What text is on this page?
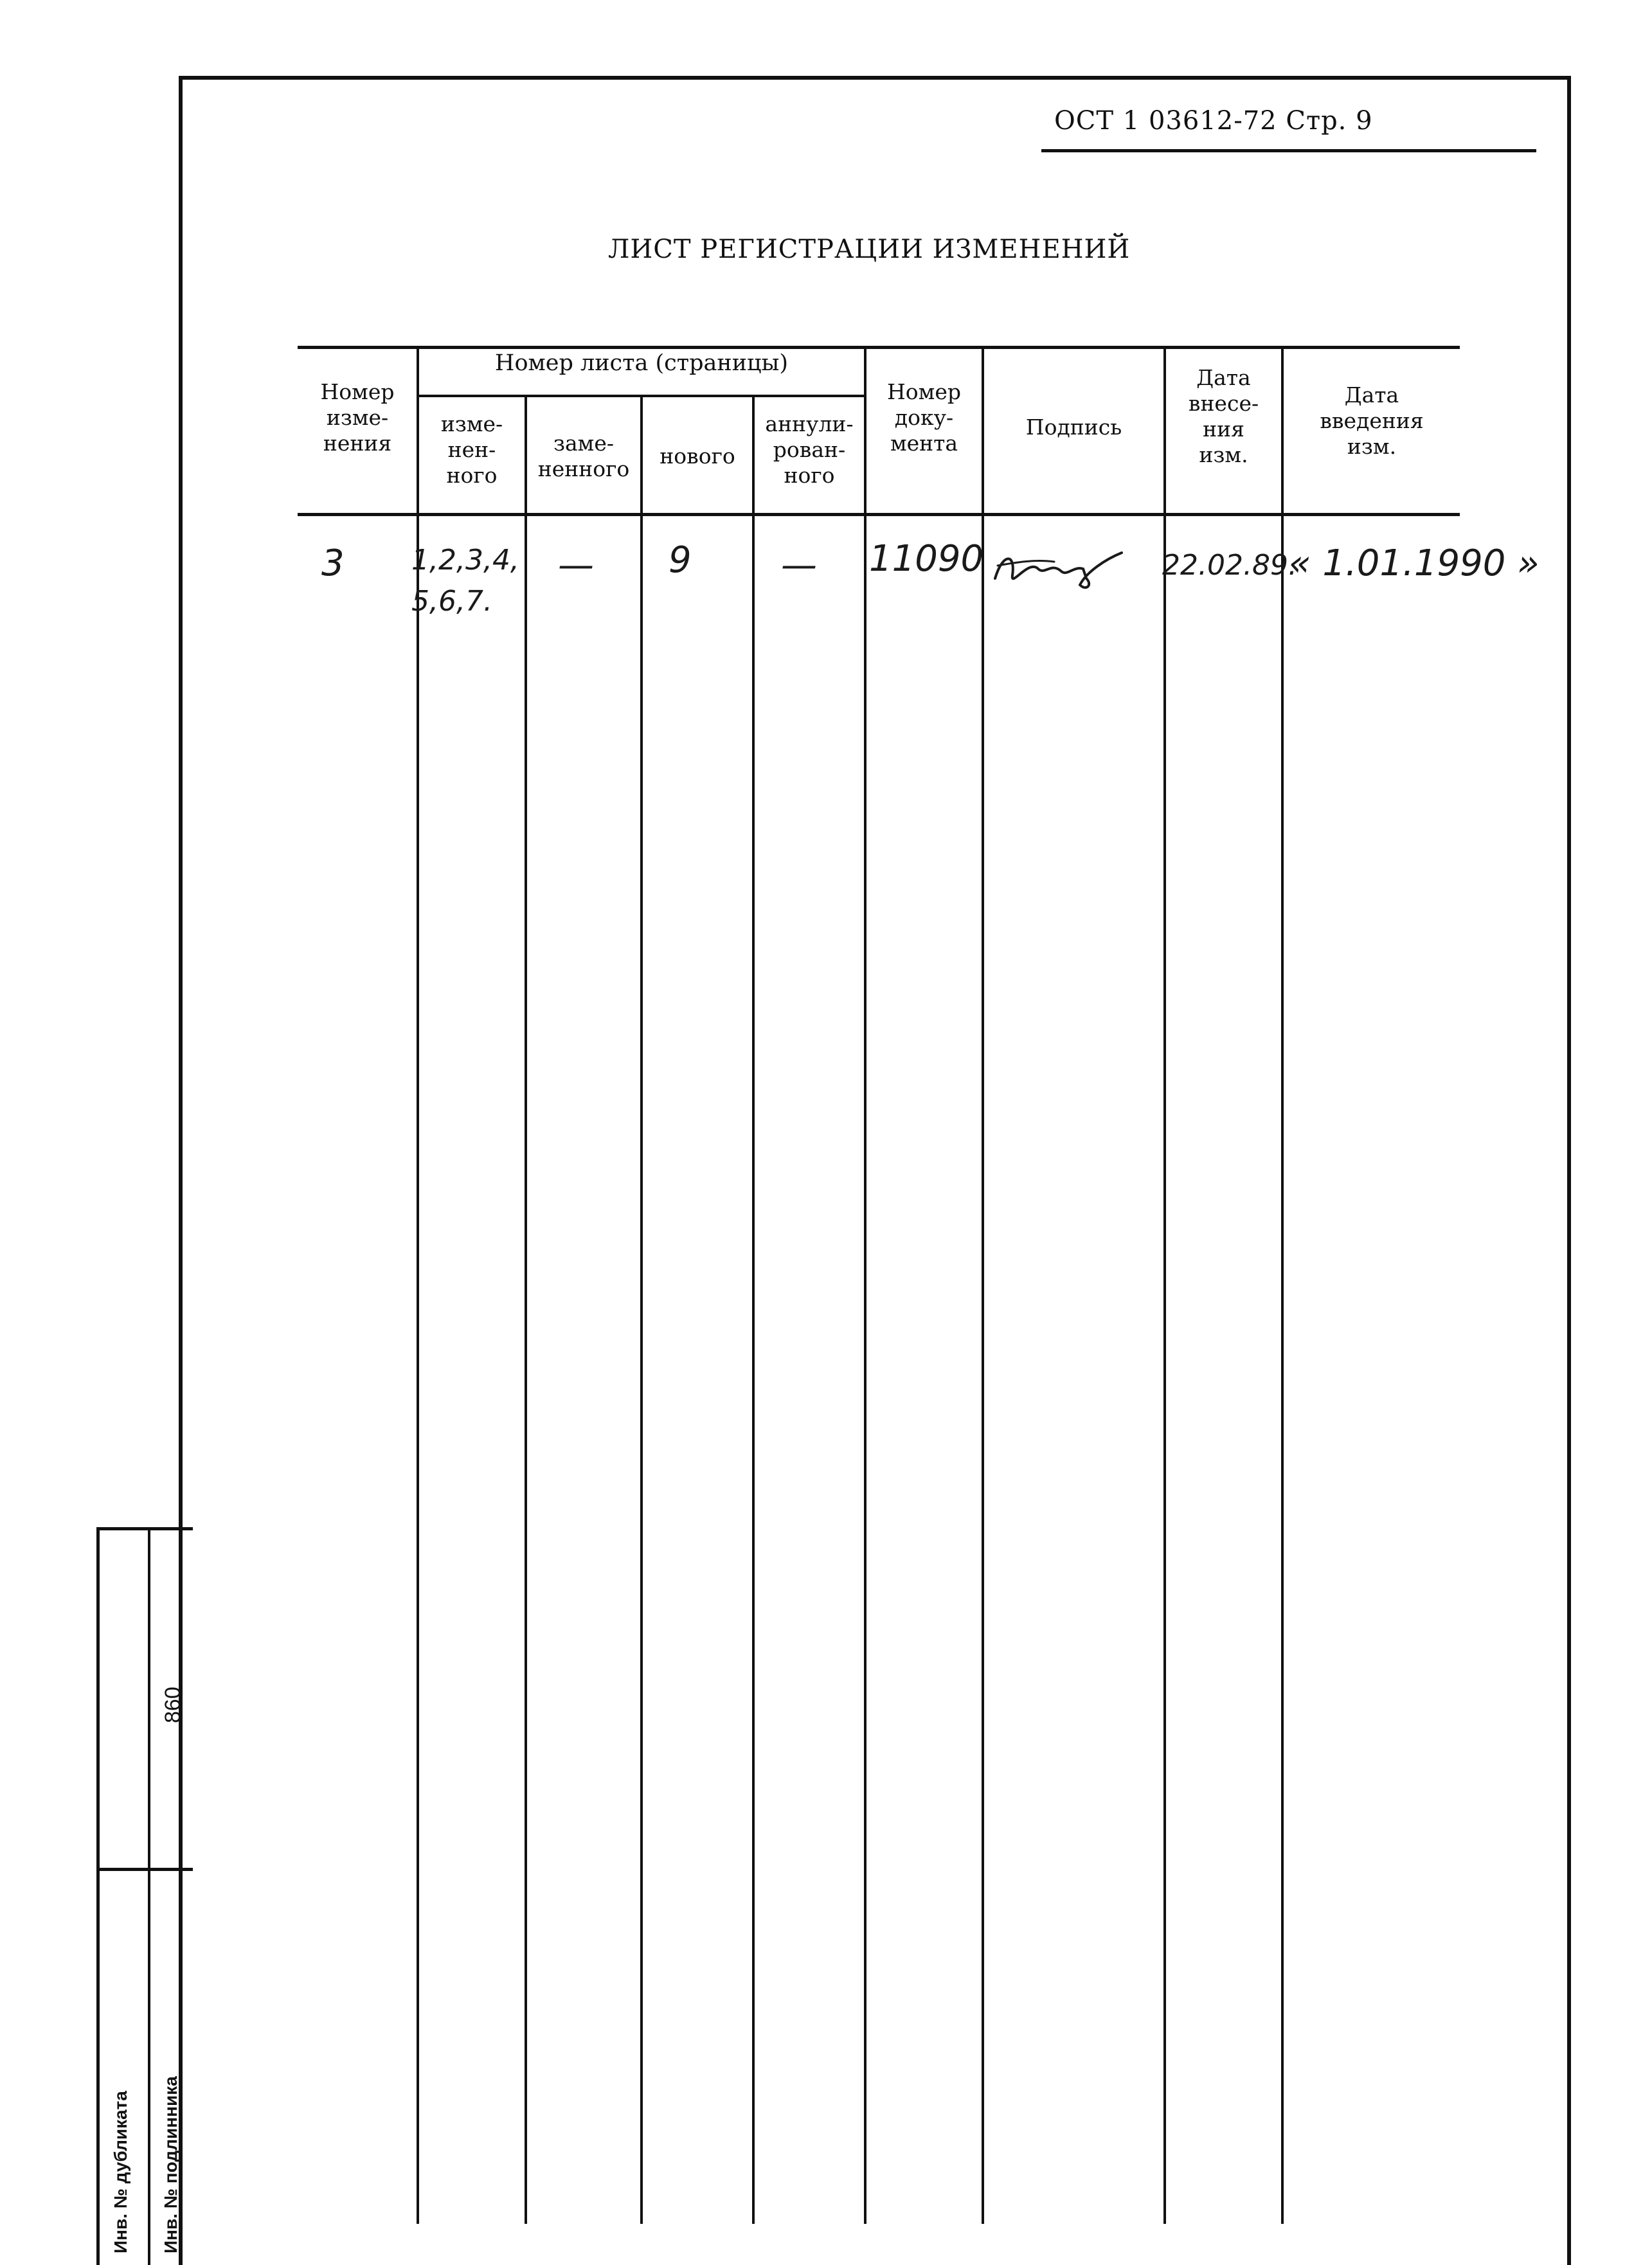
ОСТ 1 03612-72 Стр. 9
ЛИСТ РЕГИСТРАЦИИ ИЗМЕНЕНИЙ
Номер листа (страницы)
Номер
изме-
нения
изме-
нен-
ного
заме-
ненного
нового
аннули-
рован-
ного
Номер
доку-
мента
Подпись
Дата
внесе-
ния
изм.
Дата
введения
изм.
3 1,2,3,4,
5,6,7.
— 9 — 11090	22.02.89.
« 1.01.1990 »
Инв. № дубликата Инв. № подлинника
860
